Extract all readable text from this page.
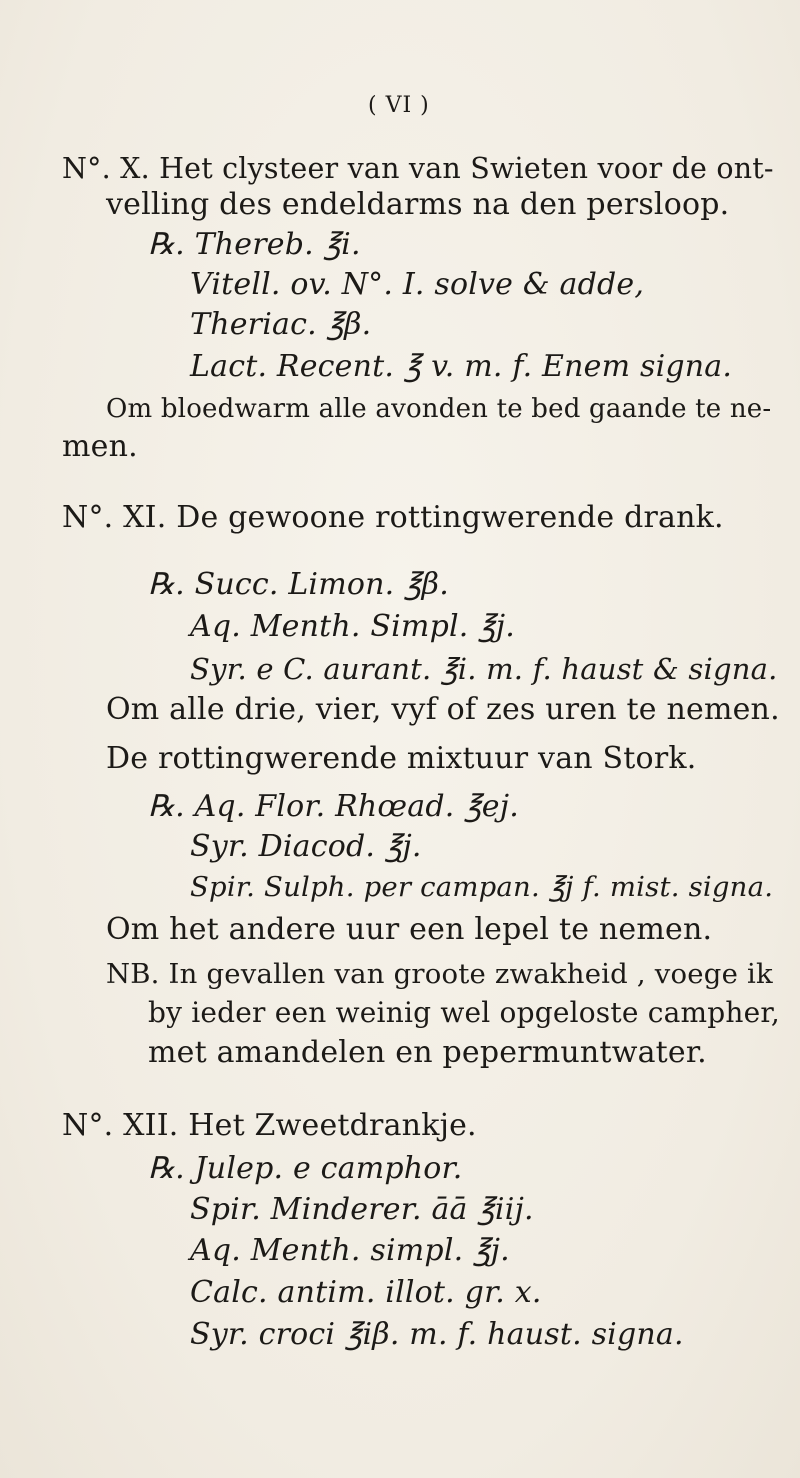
( VI )
N°. X. Het clysteer van van Swieten voor de ont-
velling des endeldarms na den persloop.
℞. Thereb. ℥i.
Vitell. ov. N°. I. solve & adde,
Theriac. ℥β.
Lact. Recent. ℥ v. m. f. Enem signa.
Om bloedwarm alle avonden te bed gaande te ne-
men.
N°. XI. De gewoone rottingwerende drank.
℞. Succ. Limon. ℥β.
Aq. Menth. Simpl. ℥j.
Syr. e C. aurant. ℥i. m. f. haust & signa.
Om alle drie, vier, vyf of zes uren te nemen.
De rottingwerende mixtuur van Stork.
℞. Aq. Flor. Rhœad. ℥ej.
Syr. Diacod. ℥j.
Spir. Sulph. per campan. ℥j f. mist. signa.
Om het andere uur een lepel te nemen.
NB. In gevallen van groote zwakheid , voege ik
by ieder een weinig wel opgeloste campher,
met amandelen en pepermuntwater.
N°. XII. Het Zweetdrankje.
℞. Julep. e camphor.
Spir. Minderer. āā ℥iij.
Aq. Menth. simpl. ℥j.
Calc. antim. illot. gr. x.
Syr. croci ℥iβ. m. f. haust. signa.
